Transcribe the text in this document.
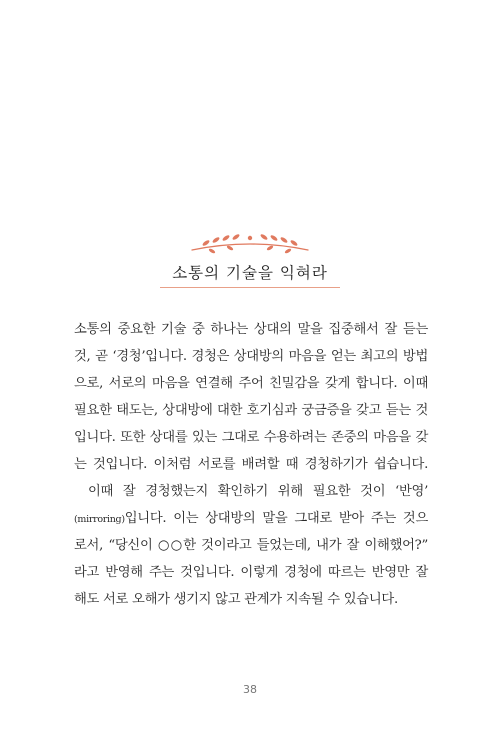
소통의 기술을 익혀라
소통의 중요한 기술 중 하나는 상대의 말을 집중해서 잘 듣는
것, 곧 ‘경청’입니다. 경청은 상대방의 마음을 얻는 최고의 방법
으로, 서로의 마음을 연결해 주어 친밀감을 갖게 합니다. 이때
필요한 태도는, 상대방에 대한 호기심과 궁금증을 갖고 듣는 것
입니다. 또한 상대를 있는 그대로 수용하려는 존중의 마음을 갖
는 것입니다. 이처럼 서로를 배려할 때 경청하기가 쉽습니다.
이때 잘 경청했는지 확인하기 위해 필요한 것이 ‘반영’
(mirroring)입니다. 이는 상대방의 말을 그대로 받아 주는 것으
로서, “당신이 ○○한 것이라고 들었는데, 내가 잘 이해했어?”
라고 반영해 주는 것입니다. 이렇게 경청에 따르는 반영만 잘
해도 서로 오해가 생기지 않고 관계가 지속될 수 있습니다.
38
